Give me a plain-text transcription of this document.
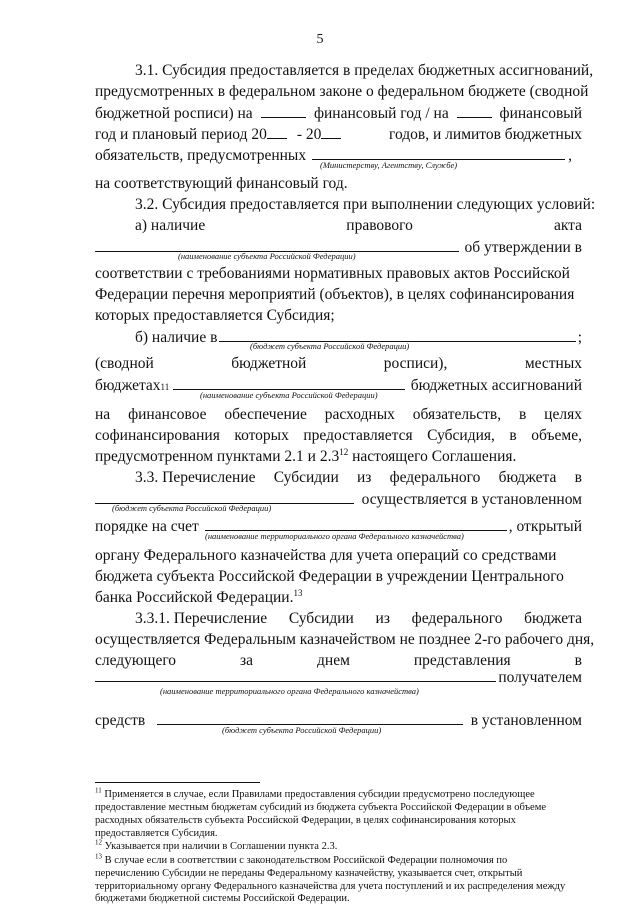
5
3.1. Субсидия предоставляется в пределах бюджетных ассигнований,
предусмотренных в федеральном законе о федеральном бюджете (сводной
бюджетной росписи) на	финансовый год / на	финансовый
год и плановый период 20 - 20	годов, и лимитов бюджетных
обязательств, предусмотренных	,
(Министерству, Агентству, Службе)
на соответствующий финансовый год.
3.2. Субсидия предоставляется при выполнении следующих условий:
а) наличие	правового	акта
об утверждении в
(наименование субъекта Российской Федерации)
соответствии с требованиями нормативных правовых актов Российской
Федерации перечня мероприятий (объектов), в целях софинансирования
которых предоставляется Субсидия;
б) наличие в	;
(бюджет субъекта Российской Федерации)
(сводной	бюджетной	росписи),	местных
бюджетах 11	бюджетных ассигнований
(наименование субъекта Российской Федерации)
на финансовое обеспечение расходных обязательств, в целях
софинансирования которых предоставляется Субсидия, в объеме,
предусмотренном пунктами 2.1 и $2.3^{12}$ настоящего Соглашения.
3.3. Перечисление Субсидии из федерального бюджета в
осуществляется в установленном
(бюджет субъекта Российской Федерации)
порядке на счет	, открытый
(наименование территориального органа Федерального казначейства)
органу Федерального казначейства для учета операций со средствами
бюджета субъекта Российской Федерации в учреждении Центрального
банка Российской Федерации.$^{13}$
3.3.1. Перечисление Субсидии из федерального бюджета
осуществляется Федеральным казначейством не позднее 2-го рабочего дня,
следующего	за	днем	представления	в
получателем
(наименование территориального органа Федерального казначейства)
средств	в установленном
(бюджет субъекта Российской Федерации)
$^{11}$ Применяется в случае, если Правилами предоставления субсидии предусмотрено последующее
предоставление местным бюджетам субсидий из бюджета субъекта Российской Федерации в объеме
расходных обязательств субъекта Российской Федерации, в целях софинансирования которых
предоставляется Субсидия.
$^{12}$ Указывается при наличии в Соглашении пункта 2.3.
$^{13}$ В случае если в соответствии с законодательством Российской Федерации полномочия по
перечислению Субсидии не переданы Федеральному казначейству, указывается счет, открытый
территориальному органу Федерального казначейства для учета поступлений и их распределения между
бюджетами бюджетной системы Российской Федерации.
